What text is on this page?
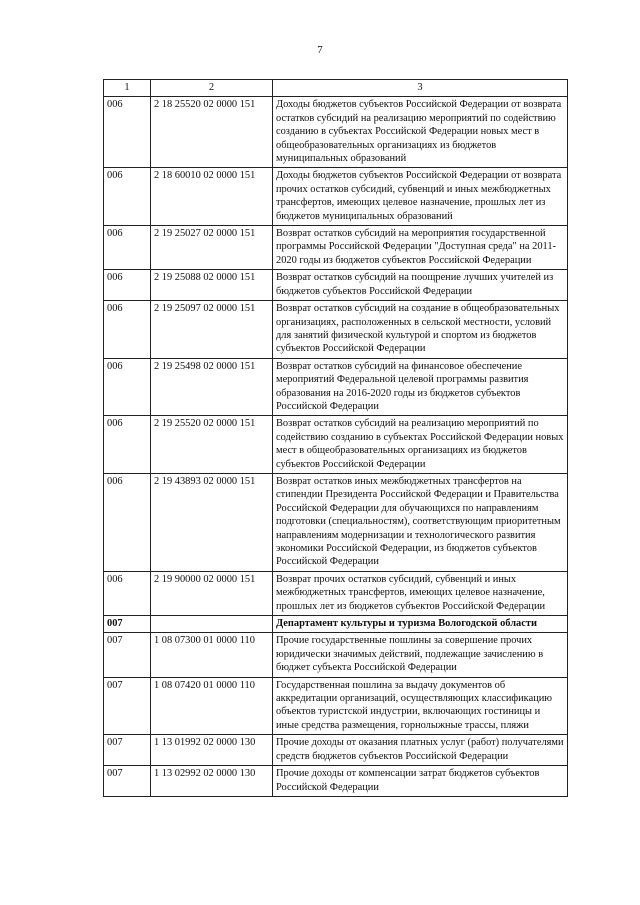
7
1	2	3
006	2 18 25520 02 0000 151	Доходы бюджетов субъектов Российской Федерации от возврата остатков субсидий на реализацию мероприятий по содействию созданию в субъектах Российской Федерации новых мест в общеобразовательных организациях из бюджетов муниципальных образований
006	2 18 60010 02 0000 151	Доходы бюджетов субъектов Российской Федерации от возврата прочих остатков субсидий, субвенций и иных межбюджетных трансфертов, имеющих целевое назначение, прошлых лет из бюджетов муниципальных образований
006	2 19 25027 02 0000 151	Возврат остатков субсидий на мероприятия государственной программы Российской Федерации "Доступная среда" на 2011-2020 годы из бюджетов субъектов Российской Федерации
006	2 19 25088 02 0000 151	Возврат остатков субсидий на поощрение лучших учителей из бюджетов субъектов Российской Федерации
006	2 19 25097 02 0000 151	Возврат остатков субсидий на создание в общеобразовательных организациях, расположенных в сельской местности, условий для занятий физической культурой и спортом из бюджетов субъектов Российской Федерации
006	2 19 25498 02 0000 151	Возврат остатков субсидий на финансовое обеспечение мероприятий Федеральной целевой программы развития образования на 2016-2020 годы из бюджетов субъектов Российской Федерации
006	2 19 25520 02 0000 151	Возврат остатков субсидий на реализацию мероприятий по содействию созданию в субъектах Российской Федерации новых мест в общеобразовательных организациях из бюджетов субъектов Российской Федерации
006	2 19 43893 02 0000 151	Возврат остатков иных межбюджетных трансфертов на стипендии Президента Российской Федерации и Правительства Российской Федерации для обучающихся по направлениям подготовки (специальностям), соответствующим приоритетным направлениям модернизации и технологического развития экономики Российской Федерации, из бюджетов субъектов Российской Федерации
006	2 19 90000 02 0000 151	Возврат прочих остатков субсидий, субвенций и иных межбюджетных трансфертов, имеющих целевое назначение, прошлых лет из бюджетов субъектов Российской Федерации
007		Департамент культуры и туризма Вологодской области
007	1 08 07300 01 0000 110	Прочие государственные пошлины за совершение прочих юридически значимых действий, подлежащие зачислению в бюджет субъекта Российской Федерации
007	1 08 07420 01 0000 110	Государственная пошлина за выдачу документов об аккредитации организаций, осуществляющих классификацию объектов туристской индустрии, включающих гостиницы и иные средства размещения, горнолыжные трассы, пляжи
007	1 13 01992 02 0000 130	Прочие доходы от оказания платных услуг (работ) получателями средств бюджетов субъектов Российской Федерации
007	1 13 02992 02 0000 130	Прочие доходы от компенсации затрат бюджетов субъектов Российской Федерации
